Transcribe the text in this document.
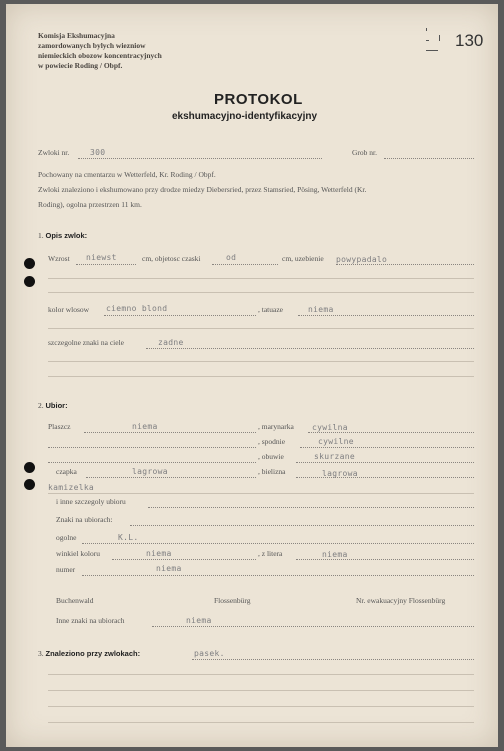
Komisja Ekshumacyjna
zamordowanych bylych wiezniow
niemieckich obozow koncentracyjnych
w powiecie Roding / Obpf.
130
PROTOKOL
ekshumacyjno-identyfikacyjny
Zwloki nr.	300	Grob nr.
Pochowany na cmentarzu w Wetterfeld, Kr. Roding / Obpf.
Zwloki znaleziono i ekshumowano przy drodze miedzy Diebersried, przez Stamsried, Pösing, Wetterfeld (Kr.
Roding), ogolna przestrzen 11 km.
1. Opis zwlok:
Wzrost niewst	cm, objetosc czaski	od	cm, uzebienie powypadalo
kolor wlosow ciemno blond	, tatuaze	niema
szczegolne znaki na ciele	zadne
2. Ubior:
Plaszcz	niema	, marynarka cywilna
, spodnie	cywilne
, obuwie	skurzane
czapka	lagrowa	, bielizna	lagrowa
kamizelka
i inne szczegoly ubioru
Znaki na ubiorach:
ogolne	K.L.
winkiel koloru	niema	, z litera	niema
numer	niema
Buchenwald	Flossenbürg	Nr. ewakuacyjny Flossenbürg
Inne znaki na ubiorach	niema
3. Znaleziono przy zwlokach:	pasek.
